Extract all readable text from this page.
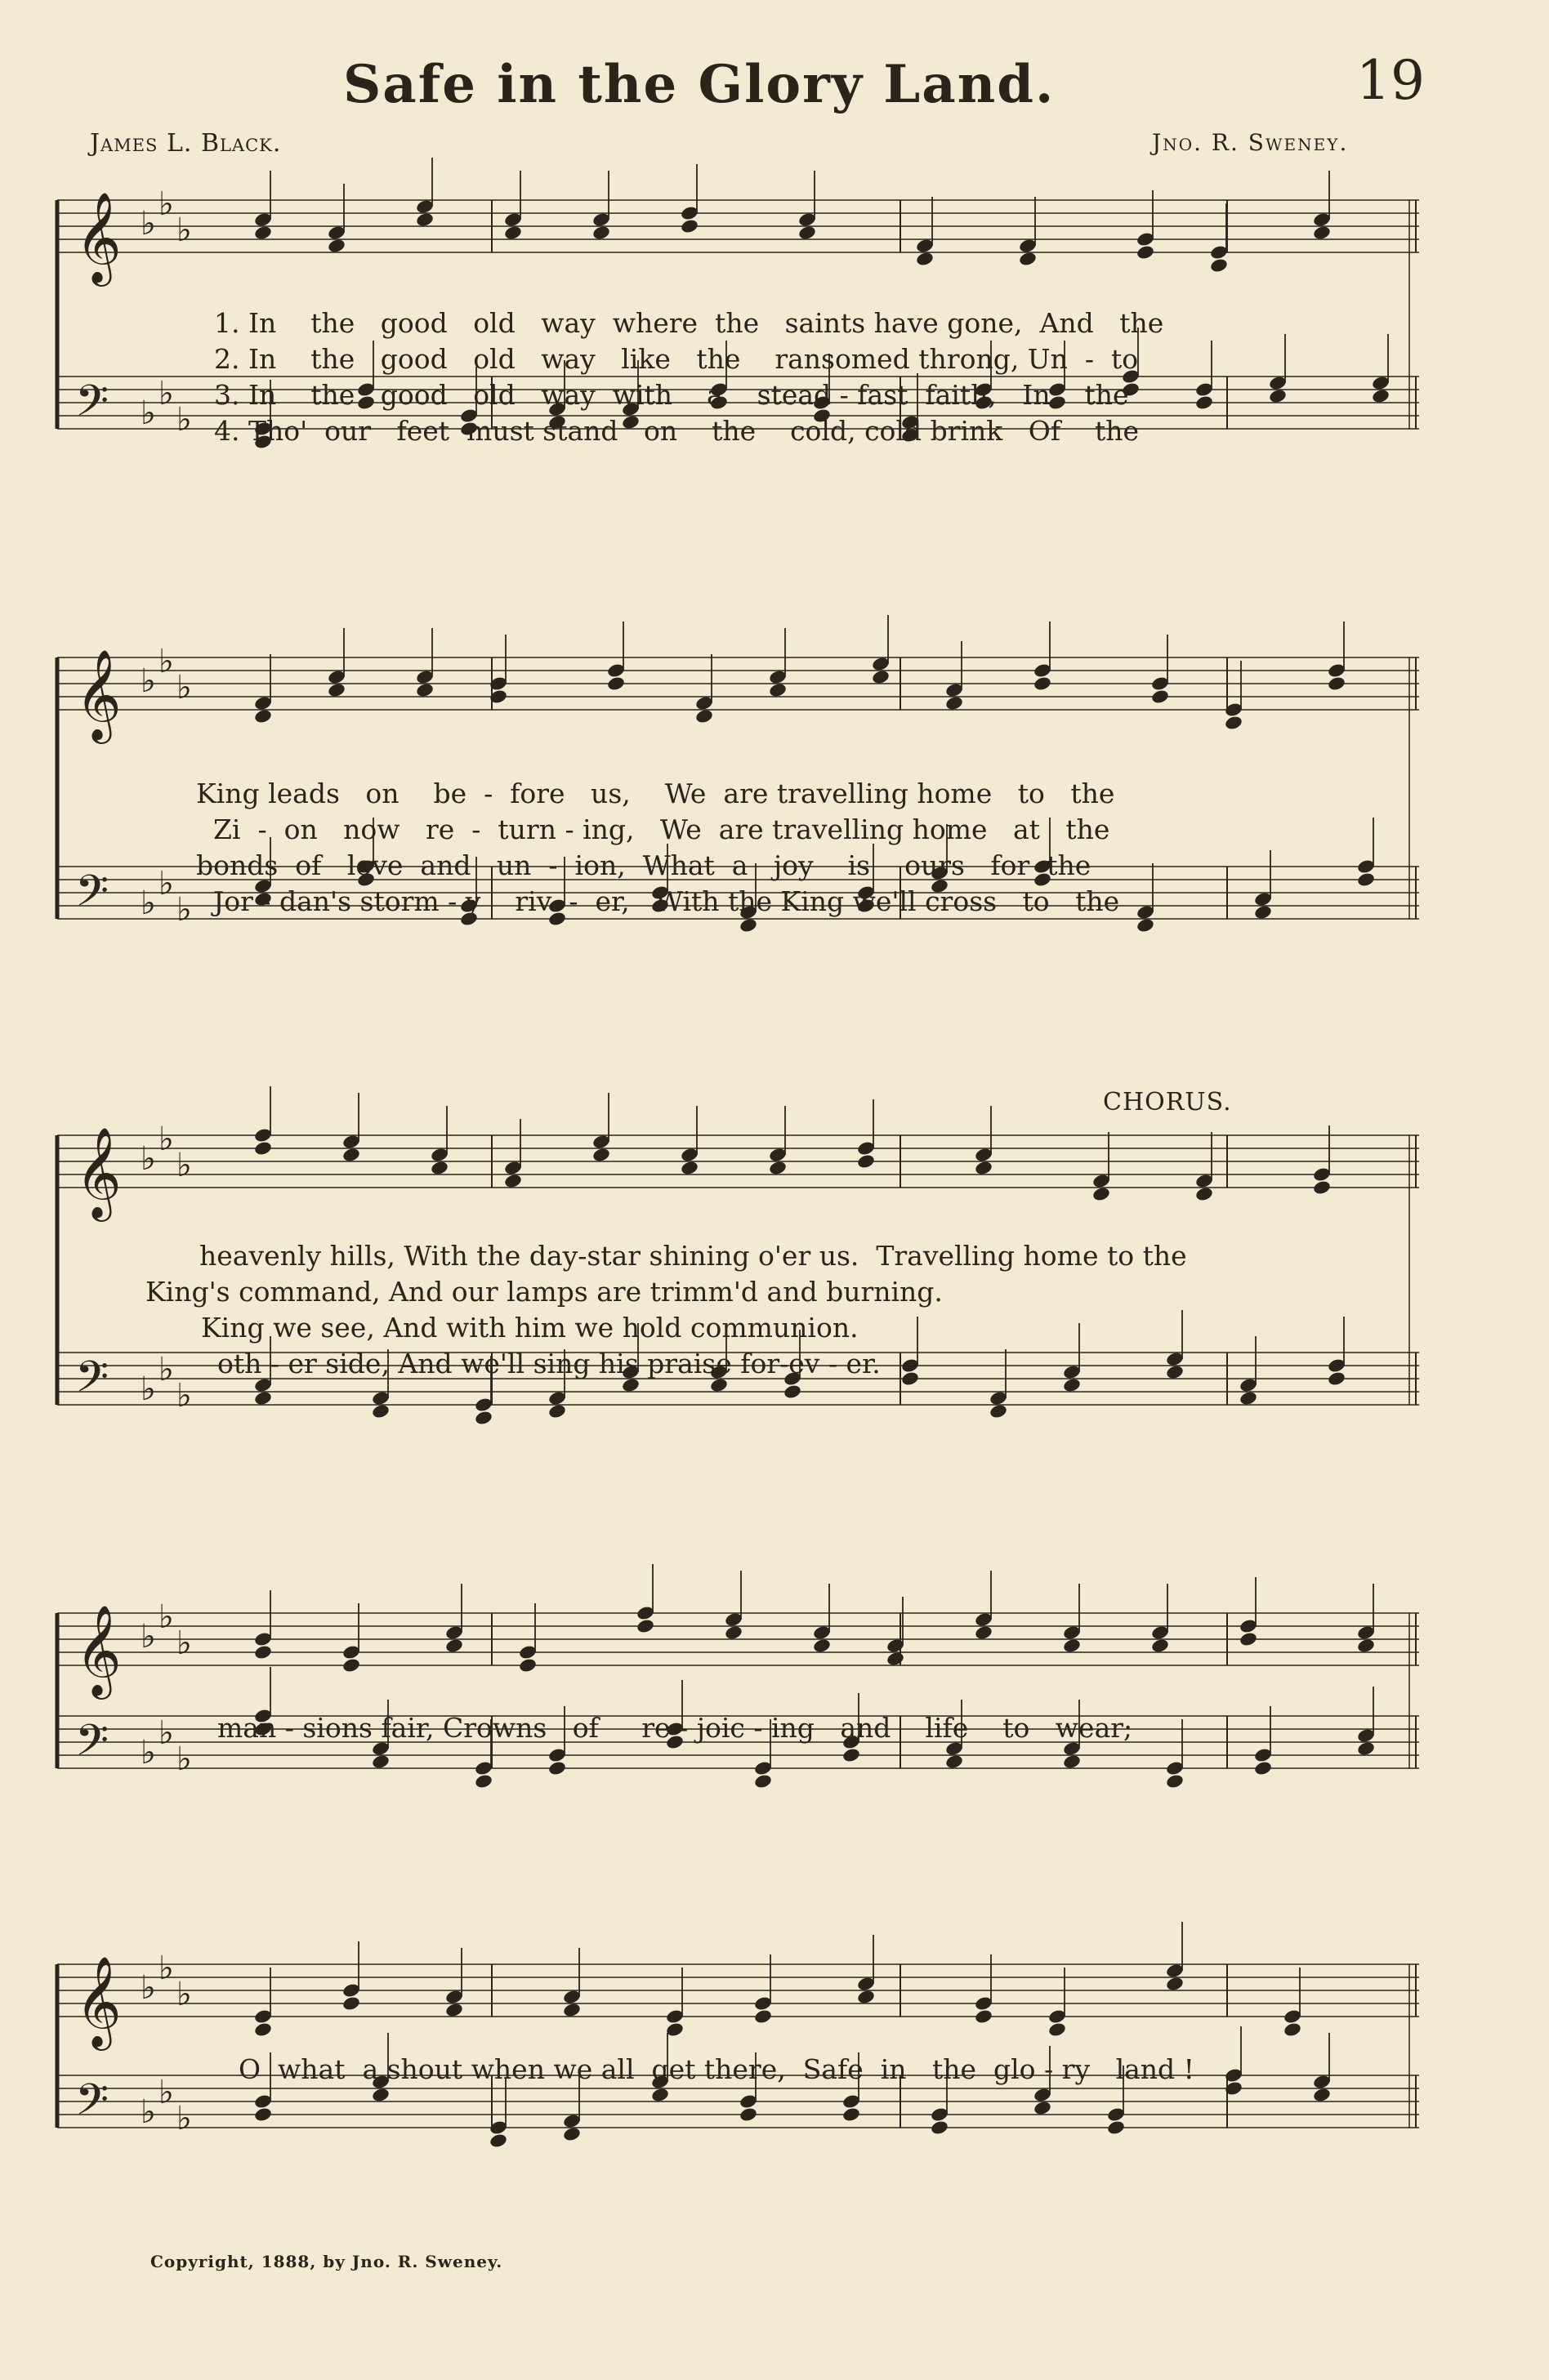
Safe in the Glory Land.	19
James L. Black.	Jno. R. Sweney.
𝄞 ♭
♭
♭
𝄢 ♭
♭
♭
𝄞 ♭
♭
♭
𝄢 ♭
♭
♭
𝄞 ♭
♭
♭
𝄢 ♭
♭
♭
𝄞 ♭
♭
♭
𝄢 ♭
♭
♭
𝄞 ♭
♭
♭
𝄢 ♭
♭
♭
1. In    the   good   old   way  where  the   saints have gone,  And   the
2. In    the   good   old   way   like   the    ransomed throng, Un  -  to
3. In    the   good   old   way  with    a    stead - fast  faith,   In    the
4. Tho'  our   feet  must stand   on    the    cold, cold brink   Of    the
King leads   on    be  -  fore   us,    We  are travelling home   to   the
Zi  -  on   now   re  -  turn - ing,   We  are travelling home   at   the
bonds  of   love  and   un  -  ion,  What  a   joy    is    ours   for  the
Jor - dan's storm - y    riv  -  er,   With the King we'll cross   to   the
CHORUS.
heavenly hills, With the day-star shining o'er us.  Travelling home to the
King's command, And our lamps are trimm'd and burning.
King we see, And with him we hold communion.
oth - er side, And we'll sing his praise for-ev - er.
man - sions fair, Crowns   of     re - joic - ing   and    life    to   wear;
O  what  a shout when we all  get there,  Safe  in   the  glo - ry   land !
Copyright, 1888, by Jno. R. Sweney.
